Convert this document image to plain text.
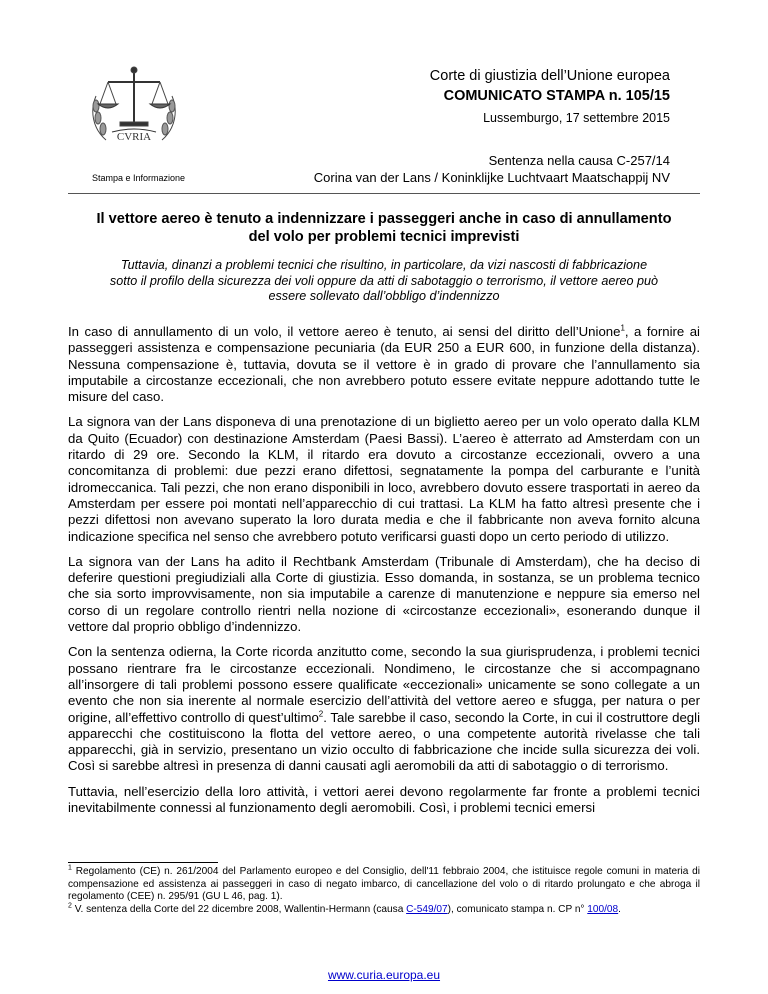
CVRIA
Stampa e Informazione
Corte di giustizia dell’Unione europea
COMUNICATO STAMPA n. 105/15
Lussemburgo, 17 settembre 2015
Sentenza nella causa C-257/14
Corina van der Lans / Koninklijke Luchtvaart Maatschappij NV
Il vettore aereo è tenuto a indennizzare i passeggeri anche in caso di annullamento
del volo per problemi tecnici imprevisti
Tuttavia, dinanzi a problemi tecnici che risultino, in particolare, da vizi nascosti di fabbricazione
sotto il profilo della sicurezza dei voli oppure da atti di sabotaggio o terrorismo, il vettore aereo può
essere sollevato dall’obbligo d’indennizzo

In caso di annullamento di un volo, il vettore aereo è tenuto, ai sensi del diritto dell’Unione$^1$, a fornire ai passeggeri assistenza e compensazione pecuniaria (da EUR 250 a EUR 600, in funzione della distanza). Nessuna compensazione è, tuttavia, dovuta se il vettore è in grado di provare che l’annullamento sia imputabile a circostanze eccezionali, che non avrebbero potuto essere evitate neppure adottando tutte le misure del caso.

La signora van der Lans disponeva di una prenotazione di un biglietto aereo per un volo operato dalla KLM da Quito (Ecuador) con destinazione Amsterdam (Paesi Bassi). L’aereo è atterrato ad Amsterdam con un ritardo di 29 ore. Secondo la KLM, il ritardo era dovuto a circostanze eccezionali, ovvero a una concomitanza di problemi: due pezzi erano difettosi, segnatamente la pompa del carburante e l’unità idromeccanica. Tali pezzi, che non erano disponibili in loco, avrebbero dovuto essere trasportati in aereo da Amsterdam per essere poi montati nell’apparecchio di cui trattasi. La KLM ha fatto altresì presente che i pezzi difettosi non avevano superato la loro durata media e che il fabbricante non aveva fornito alcuna indicazione specifica nel senso che avrebbero potuto verificarsi guasti dopo un certo periodo di utilizzo.

La signora van der Lans ha adito il Rechtbank Amsterdam (Tribunale di Amsterdam), che ha deciso di deferire questioni pregiudiziali alla Corte di giustizia. Esso domanda, in sostanza, se un problema tecnico che sia sorto improvvisamente, non sia imputabile a carenze di manutenzione e neppure sia emerso nel corso di un regolare controllo rientri nella nozione di «circostanze eccezionali», esonerando dunque il vettore dal proprio obbligo d’indennizzo.

Con la sentenza odierna, la Corte ricorda anzitutto come, secondo la sua giurisprudenza, i problemi tecnici possano rientrare fra le circostanze eccezionali. Nondimeno, le circostanze che si accompagnano all’insorgere di tali problemi possono essere qualificate «eccezionali» unicamente se sono collegate a un evento che non sia inerente al normale esercizio dell’attività del vettore aereo e sfugga, per natura o per origine, all’effettivo controllo di quest’ultimo$^2$. Tale sarebbe il caso, secondo la Corte, in cui il costruttore degli apparecchi che costituiscono la flotta del vettore aereo, o una competente autorità rivelasse che tali apparecchi, già in servizio, presentano un vizio occulto di fabbricazione che incide sulla sicurezza dei voli. Così si sarebbe altresì in presenza di danni causati agli aeromobili da atti di sabotaggio o di terrorismo.

Tuttavia, nell’esercizio della loro attività, i vettori aerei devono regolarmente far fronte a problemi tecnici inevitabilmente connessi al funzionamento degli aeromobili. Così, i problemi tecnici emersi

$^1$ Regolamento (CE) n. 261/2004 del Parlamento europeo e del Consiglio, dell'11 febbraio 2004, che istituisce regole comuni in materia di compensazione ed assistenza ai passeggeri in caso di negato imbarco, di cancellazione del volo o di ritardo prolungato e che abroga il regolamento (CEE) n. 295/91 (GU L 46, pag. 1).

$^2$ V. sentenza della Corte del 22 dicembre 2008, Wallentin-Hermann (causa C-549/07), comunicato stampa n. CP n° 100/08.

www.curia.europa.eu
